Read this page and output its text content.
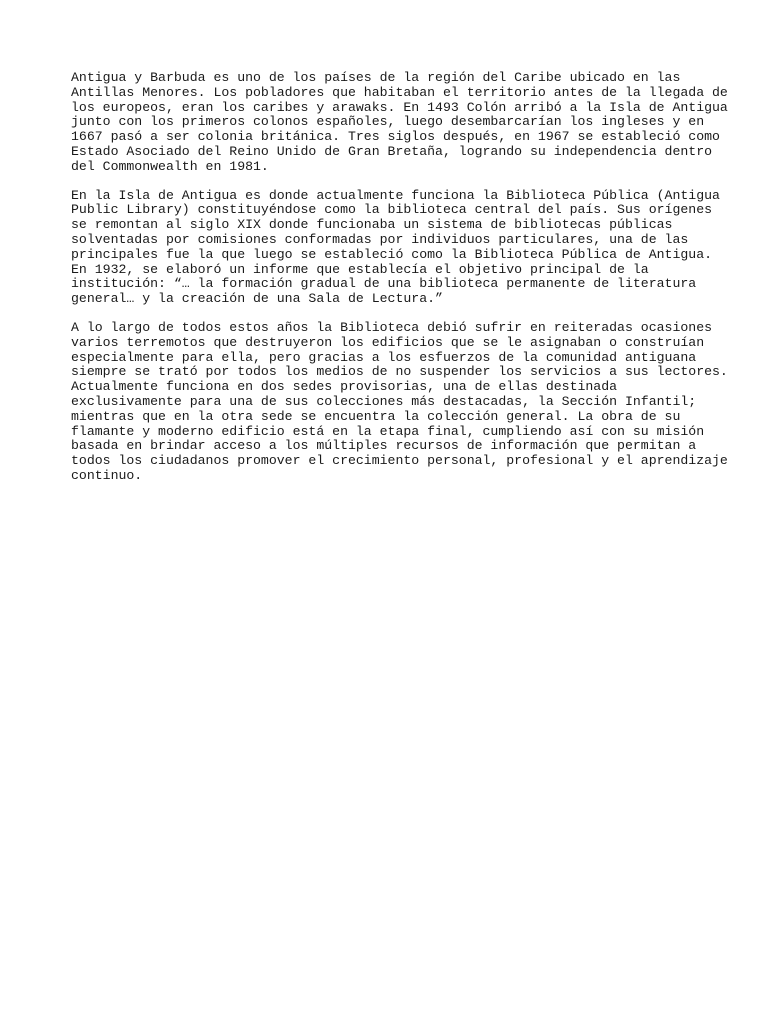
Antigua y Barbuda es uno de los países de la región del Caribe ubicado en las
Antillas Menores. Los pobladores que habitaban el territorio antes de la llegada de
los europeos, eran los caribes y arawaks. En 1493 Colón arribó a la Isla de Antigua
junto con los primeros colonos españoles, luego desembarcarían los ingleses y en
1667 pasó a ser colonia británica. Tres siglos después, en 1967 se estableció como
Estado Asociado del Reino Unido de Gran Bretaña, logrando su independencia dentro
del Commonwealth en 1981.

En la Isla de Antigua es donde actualmente funciona la Biblioteca Pública (Antigua
Public Library) constituyéndose como la biblioteca central del país. Sus orígenes
se remontan al siglo XIX donde funcionaba un sistema de bibliotecas públicas
solventadas por comisiones conformadas por individuos particulares, una de las
principales fue la que luego se estableció como la Biblioteca Pública de Antigua.
En 1932, se elaboró un informe que establecía el objetivo principal de la
institución: “… la formación gradual de una biblioteca permanente de literatura
general… y la creación de una Sala de Lectura.”

A lo largo de todos estos años la Biblioteca debió sufrir en reiteradas ocasiones
varios terremotos que destruyeron los edificios que se le asignaban o construían
especialmente para ella, pero gracias a los esfuerzos de la comunidad antiguana
siempre se trató por todos los medios de no suspender los servicios a sus lectores.
Actualmente funciona en dos sedes provisorias, una de ellas destinada
exclusivamente para una de sus colecciones más destacadas, la Sección Infantil;
mientras que en la otra sede se encuentra la colección general. La obra de su
flamante y moderno edificio está en la etapa final, cumpliendo así con su misión
basada en brindar acceso a los múltiples recursos de información que permitan a
todos los ciudadanos promover el crecimiento personal, profesional y el aprendizaje
continuo.
